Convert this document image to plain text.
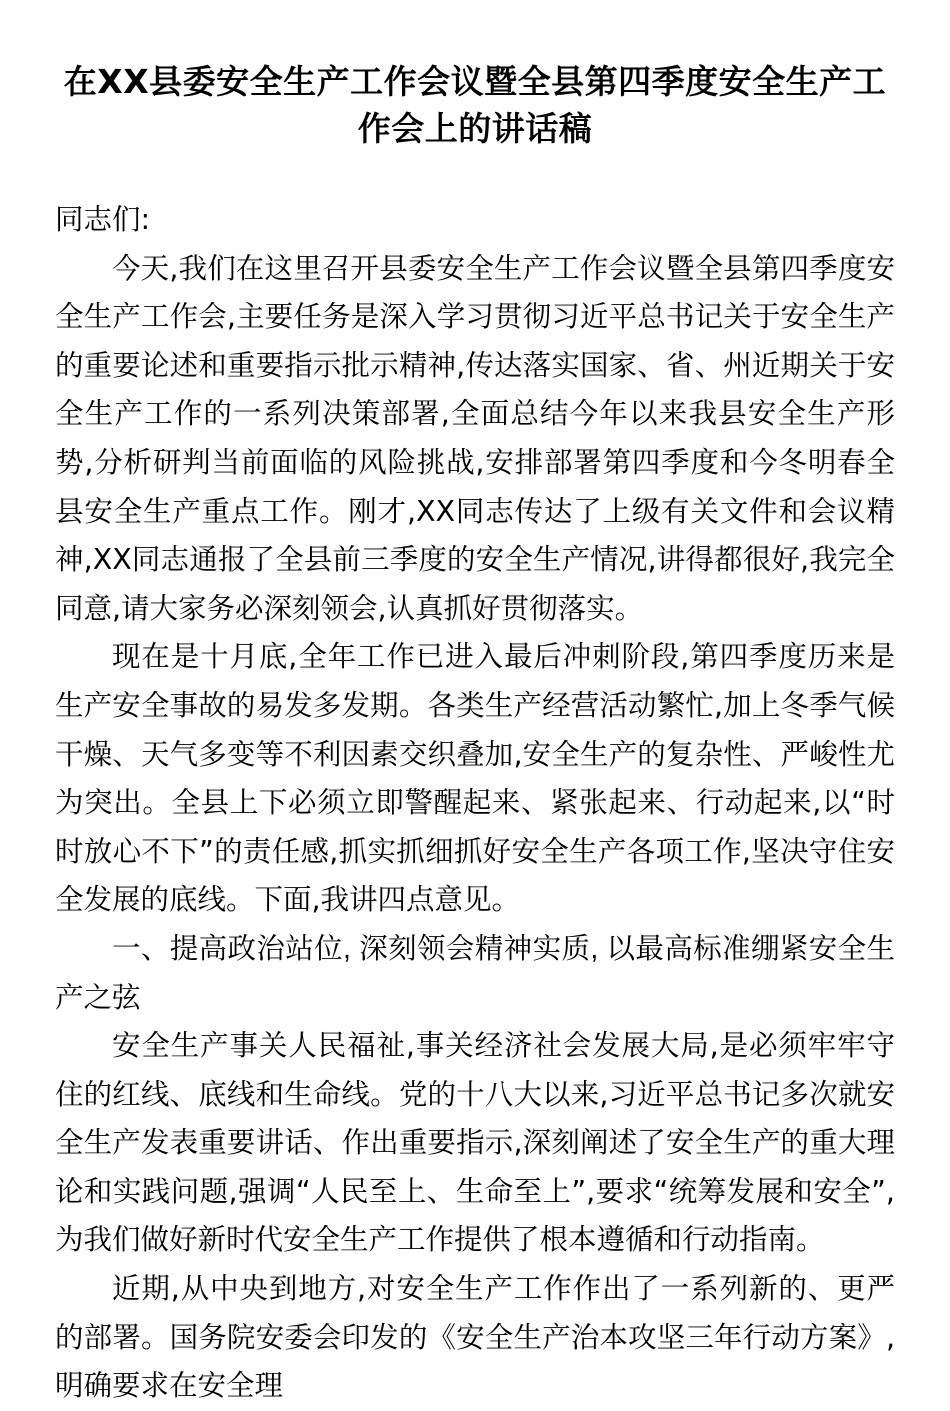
在XX县委安全生产工作会议暨全县第四季度安全生产工作会上的讲话稿

同志们:

今天,我们在这里召开县委安全生产工作会议暨全县第四季度安全生产工作会,主要任务是深入学习贯彻习近平总书记关于安全生产的重要论述和重要指示批示精神,传达落实国家、省、州近期关于安全生产工作的一系列决策部署,全面总结今年以来我县安全生产形势,分析研判当前面临的风险挑战,安排部署第四季度和今冬明春全县安全生产重点工作。刚才,XX同志传达了上级有关文件和会议精神,XX同志通报了全县前三季度的安全生产情况,讲得都很好,我完全同意,请大家务必深刻领会,认真抓好贯彻落实。

现在是十月底,全年工作已进入最后冲刺阶段,第四季度历来是生产安全事故的易发多发期。各类生产经营活动繁忙,加上冬季气候干燥、天气多变等不利因素交织叠加,安全生产的复杂性、严峻性尤为突出。全县上下必须立即警醒起来、紧张起来、行动起来,以“时时放心不下”的责任感,抓实抓细抓好安全生产各项工作,坚决守住安全发展的底线。下面,我讲四点意见。

一、提高政治站位, 深刻领会精神实质, 以最高标准绷紧安全生产之弦

安全生产事关人民福祉,事关经济社会发展大局,是必须牢牢守住的红线、底线和生命线。党的十八大以来,习近平总书记多次就安全生产发表重要讲话、作出重要指示,深刻阐述了安全生产的重大理论和实践问题,强调“人民至上、生命至上”,要求“统筹发展和安全”,为我们做好新时代安全生产工作提供了根本遵循和行动指南。

近期,从中央到地方,对安全生产工作作出了一系列新的、更严的部署。国务院安委会印发的《安全生产治本攻坚三年行动方案》,明确要求在安全理
